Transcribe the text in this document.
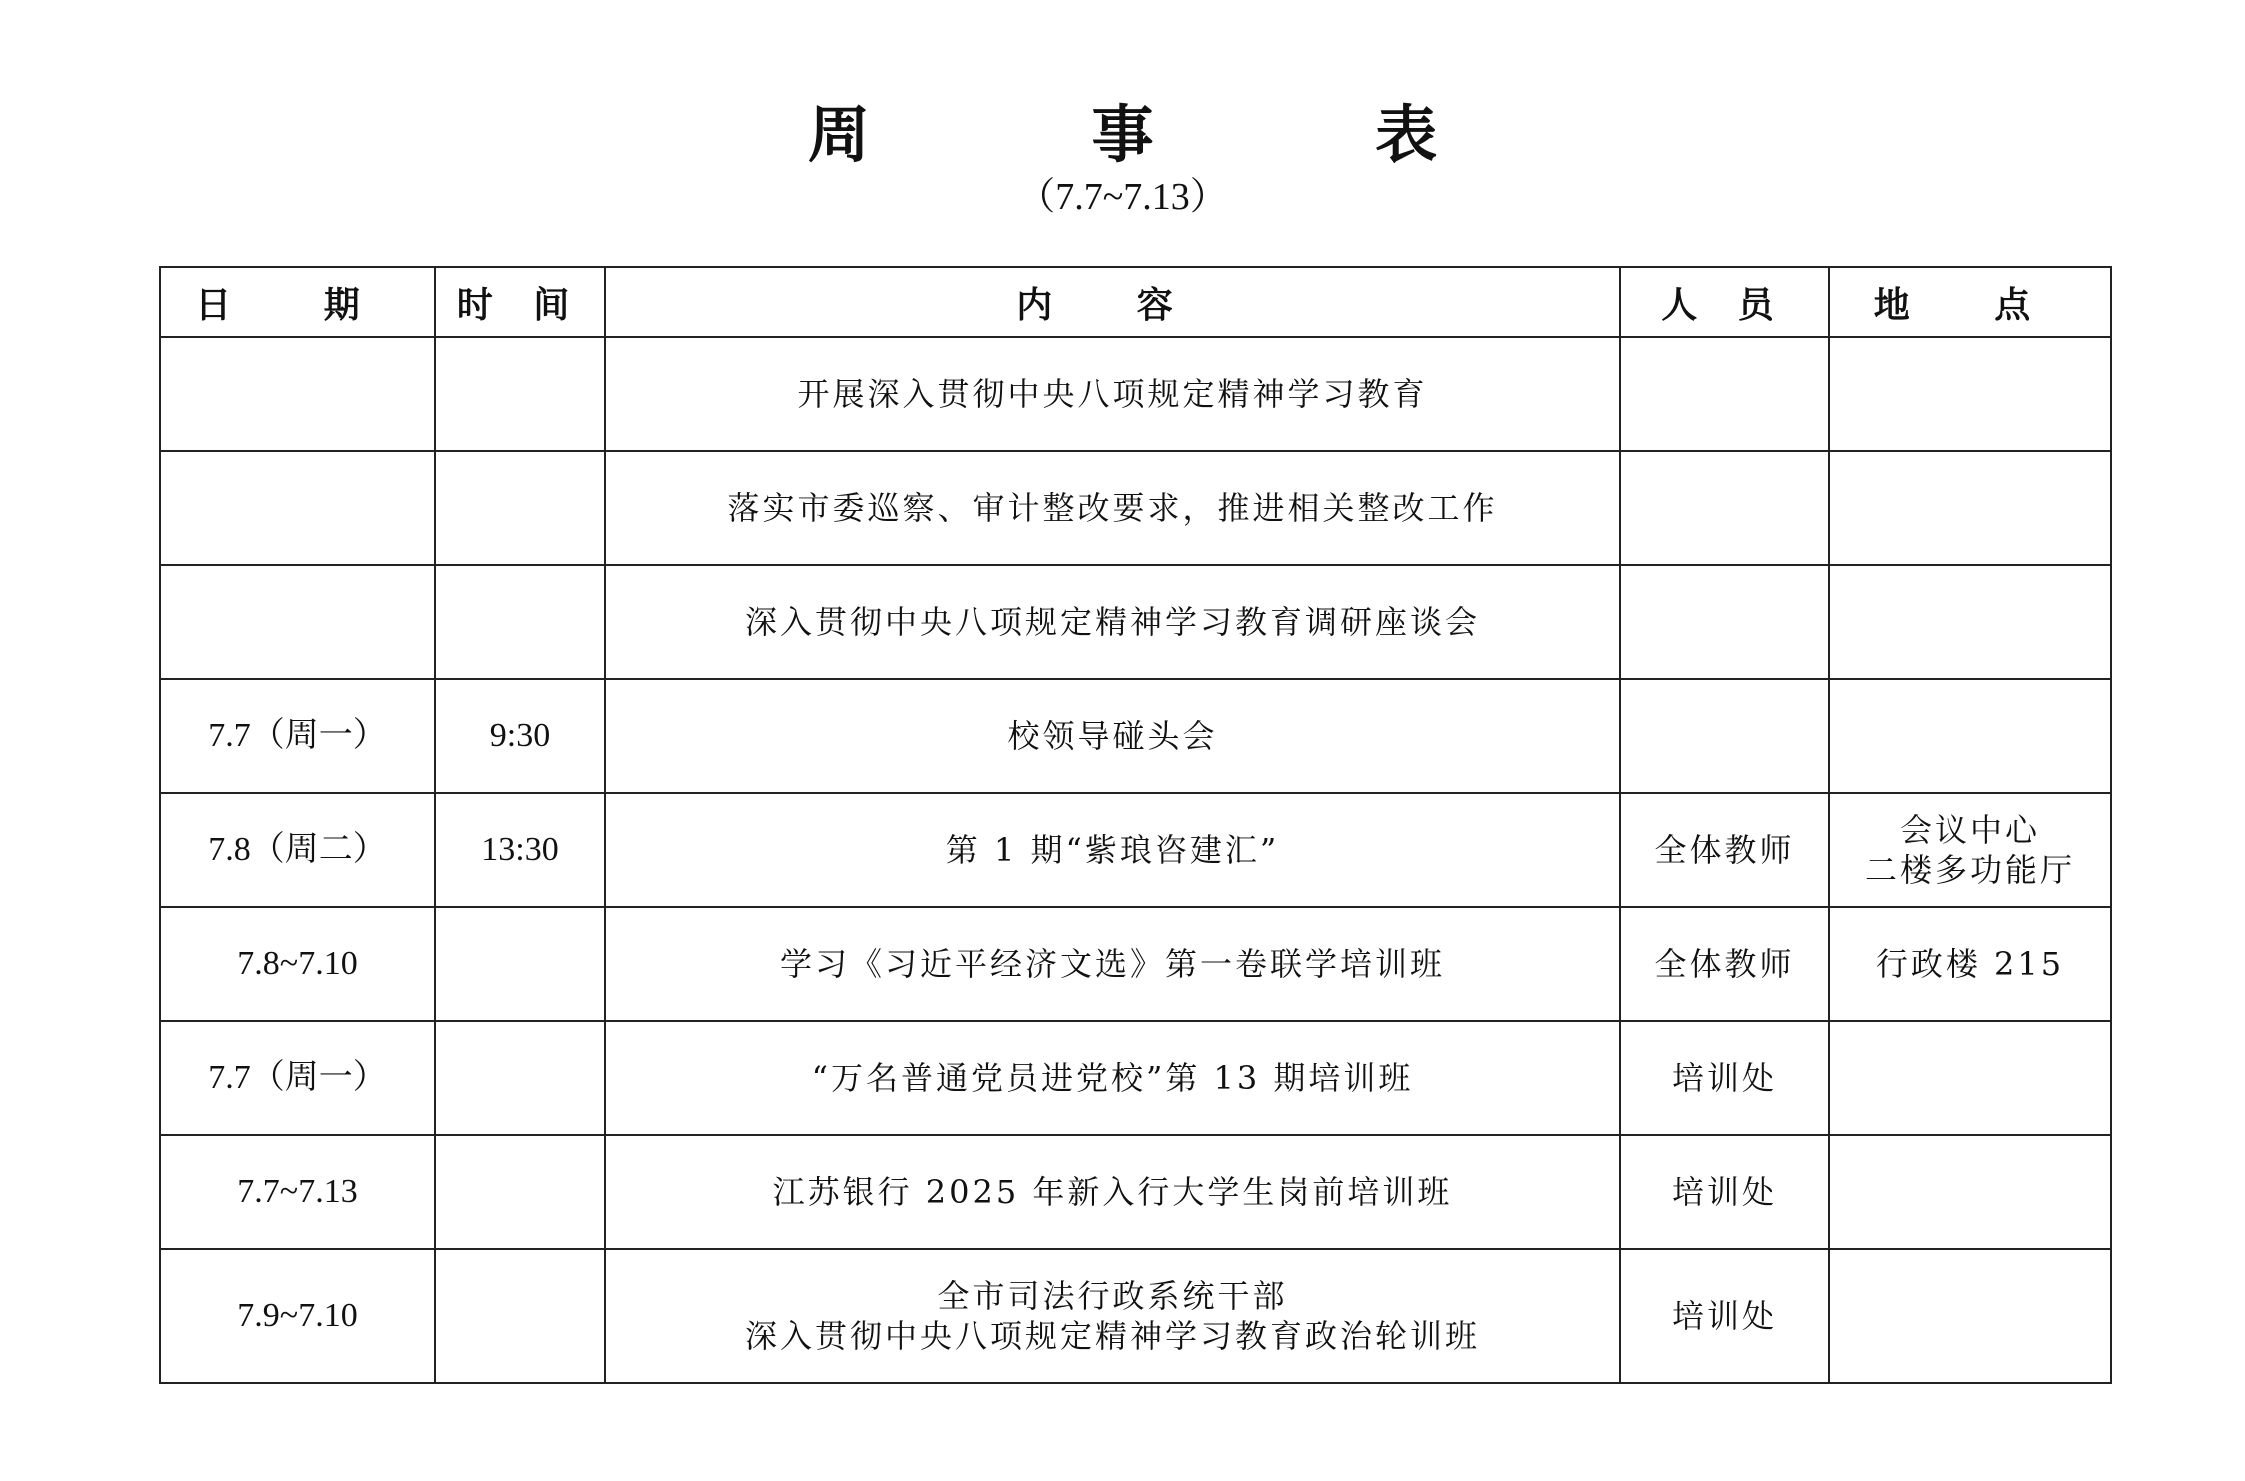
周 事 表
（7.7~7.13）
日 期	时 间	内 容	人 员	地 点

		开展深入贯彻中央八项规定精神学习教育		

		落实市委巡察、审计整改要求，推进相关整改工作		

		深入贯彻中央八项规定精神学习教育调研座谈会		

7.7（周一）	9:30	校领导碰头会		

7.8（周二）	13:30	第 1 期“紫琅咨建汇”	全体教师	会议中心
二楼多功能厅

7.8~7.10		学习《习近平经济文选》第一卷联学培训班	全体教师	行政楼 215

7.7（周一）		“万名普通党员进党校”第 13 期培训班	培训处	
7.7~7.13		江苏银行 2025 年新入行大学生岗前培训班	培训处	
7.9~7.10		全市司法行政系统干部
深入贯彻中央八项规定精神学习教育政治轮训班	培训处	
